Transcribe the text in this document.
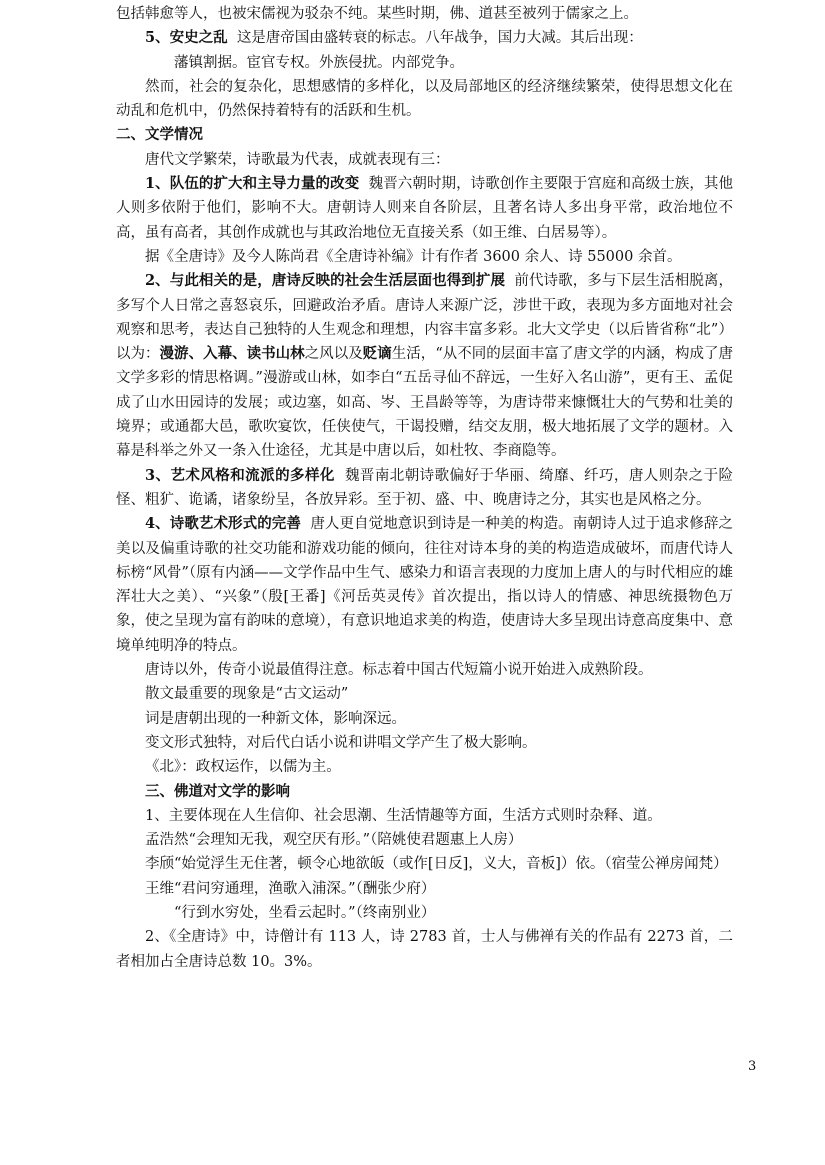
包括韩愈等人，也被宋儒视为驳杂不纯。某些时期，佛、道甚至被列于儒家之上。

5、安史之乱 这是唐帝国由盛转衰的标志。八年战争，国力大减。其后出现：

藩镇割据。宦官专权。外族侵扰。内部党争。

然而，社会的复杂化，思想感情的多样化，以及局部地区的经济继续繁荣，使得思想文化在动乱和危机中，仍然保持着特有的活跃和生机。

二、文学情况

唐代文学繁荣，诗歌最为代表，成就表现有三：

1、队伍的扩大和主导力量的改变 魏晋六朝时期，诗歌创作主要限于宫庭和高级士族，其他人则多依附于他们，影响不大。唐朝诗人则来自各阶层，且著名诗人多出身平常，政治地位不高，虽有高者，其创作成就也与其政治地位无直接关系（如王维、白居易等）。

据《全唐诗》及今人陈尚君《全唐诗补编》计有作者 3600 余人、诗 55000 余首。

2、与此相关的是，唐诗反映的社会生活层面也得到扩展 前代诗歌，多与下层生活相脱离，多写个人日常之喜怒哀乐，回避政治矛盾。唐诗人来源广泛，涉世干政，表现为多方面地对社会观察和思考，表达自己独特的人生观念和理想，内容丰富多彩。北大文学史（以后皆省称“北”）以为：漫游、入幕、读书山林之风以及贬谪生活，“从不同的层面丰富了唐文学的内涵，构成了唐文学多彩的情思格调。”漫游或山林，如李白“五岳寻仙不辞远，一生好入名山游”，更有王、孟促成了山水田园诗的发展；或边塞，如高、岑、王昌龄等等，为唐诗带来慷慨壮大的气势和壮美的境界；或通都大邑，歌吹宴饮，任侠使气，干谒投赠，结交友朋，极大地拓展了文学的题材。入幕是科举之外又一条入仕途径，尤其是中唐以后，如杜牧、李商隐等。

3、艺术风格和流派的多样化 魏晋南北朝诗歌偏好于华丽、绮靡、纤巧，唐人则杂之于险怪、粗犷、诡谲，诸象纷呈，各放异彩。至于初、盛、中、晚唐诗之分，其实也是风格之分。

4、诗歌艺术形式的完善 唐人更自觉地意识到诗是一种美的构造。南朝诗人过于追求修辞之美以及偏重诗歌的社交功能和游戏功能的倾向，往往对诗本身的美的构造造成破坏，而唐代诗人标榜“风骨”（原有内涵——文学作品中生气、感染力和语言表现的力度加上唐人的与时代相应的雄浑壮大之美）、“兴象”（殷[王番]《河岳英灵传》首次提出，指以诗人的情感、神思统摄物色万象，使之呈现为富有韵味的意境），有意识地追求美的构造，使唐诗大多呈现出诗意高度集中、意境单纯明净的特点。

唐诗以外，传奇小说最值得注意。标志着中国古代短篇小说开始进入成熟阶段。

散文最重要的现象是“古文运动”

词是唐朝出现的一种新文体，影响深远。

变文形式独特，对后代白话小说和讲唱文学产生了极大影响。

《北》：政权运作，以儒为主。

三、佛道对文学的影响

1、主要体现在人生信仰、社会思潮、生活情趣等方面，生活方式则时杂释、道。

孟浩然“会理知无我，观空厌有形。”（陪姚使君题惠上人房）

李颀“始觉浮生无住著，顿令心地欲皈（或作[日反]，义大，音板]）依。（宿莹公禅房闻梵）

王维“君问穷通理，渔歌入浦深。”（酬张少府）

“行到水穷处，坐看云起时。”（终南别业）

2、《全唐诗》中，诗僧计有 113 人，诗 2783 首，士人与佛禅有关的作品有 2273 首，二者相加占全唐诗总数 10。3%。

3
